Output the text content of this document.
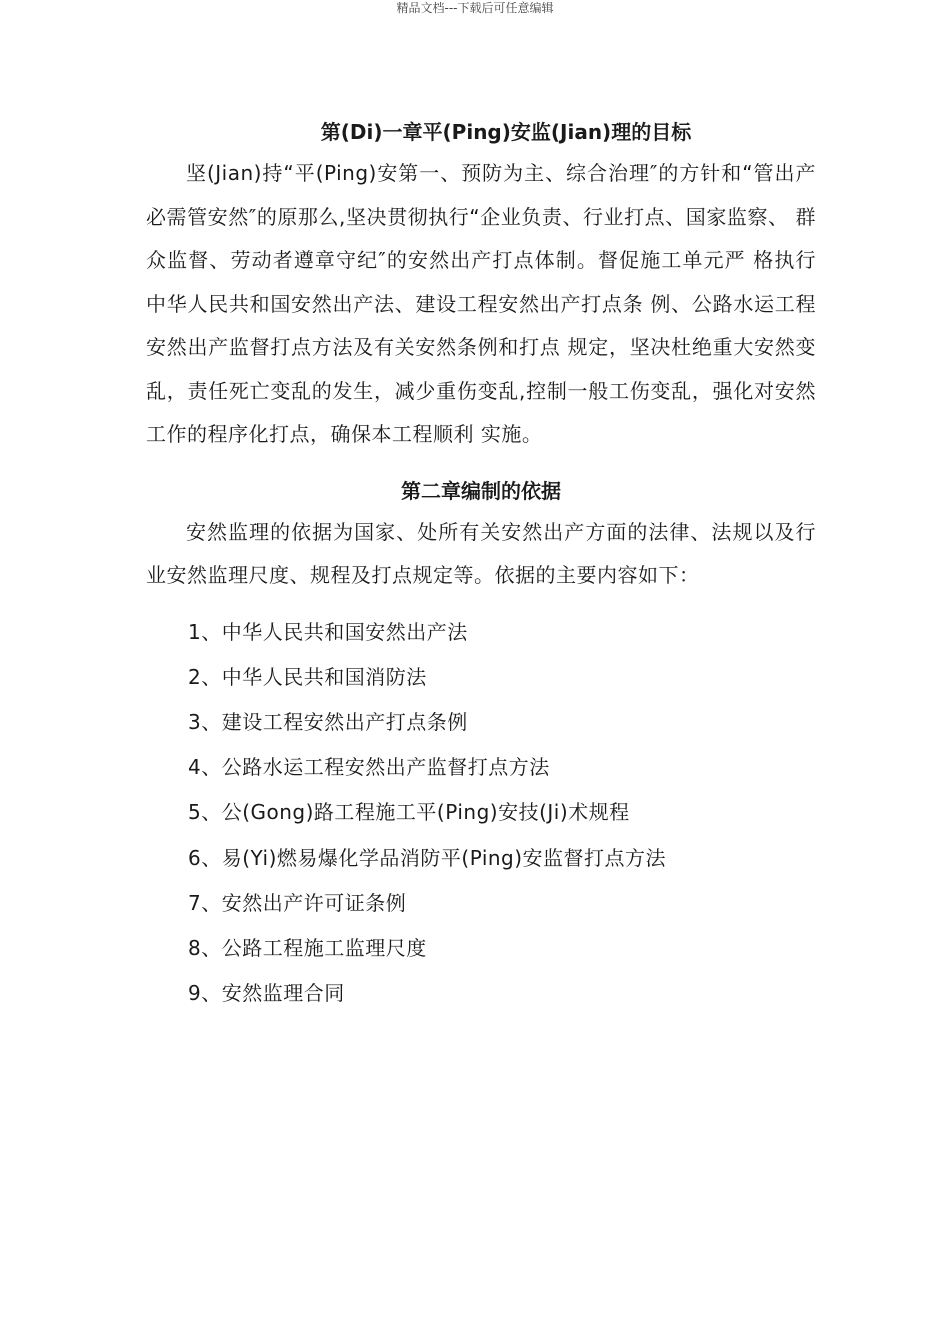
精品文档---下载后可任意编辑
第(Di)一章平(Ping)安监(Jian)理的目标

坚(Jian)持“平(Ping)安第一、预防为主、综合治理″的方针和“管出产必需管安然″的原那么,坚决贯彻执行“企业负责、行业打点、国家监察、 群众监督、劳动者遵章守纪″的安然出产打点体制。督促施工单元严 格执行中华人民共和国安然出产法、建设工程安然出产打点条 例、公路水运工程安然出产监督打点方法及有关安然条例和打点 规定，坚决杜绝重大安然变乱，责任死亡变乱的发生，减少重伤变乱,控制一般工伤变乱，强化对安然工作的程序化打点，确保本工程顺利 实施。

第二章编制的依据

安然监理的依据为国家、处所有关安然出产方面的法律、法规以及行业安然监理尺度、规程及打点规定等。依据的主要内容如下：

1、中华人民共和国安然出产法
2、中华人民共和国消防法
3、建设工程安然出产打点条例
4、公路水运工程安然出产监督打点方法
5、公(Gong)路工程施工平(Ping)安技(Ji)术规程
6、易(Yi)燃易爆化学品消防平(Ping)安监督打点方法
7、安然出产许可证条例
8、公路工程施工监理尺度
9、安然监理合同
